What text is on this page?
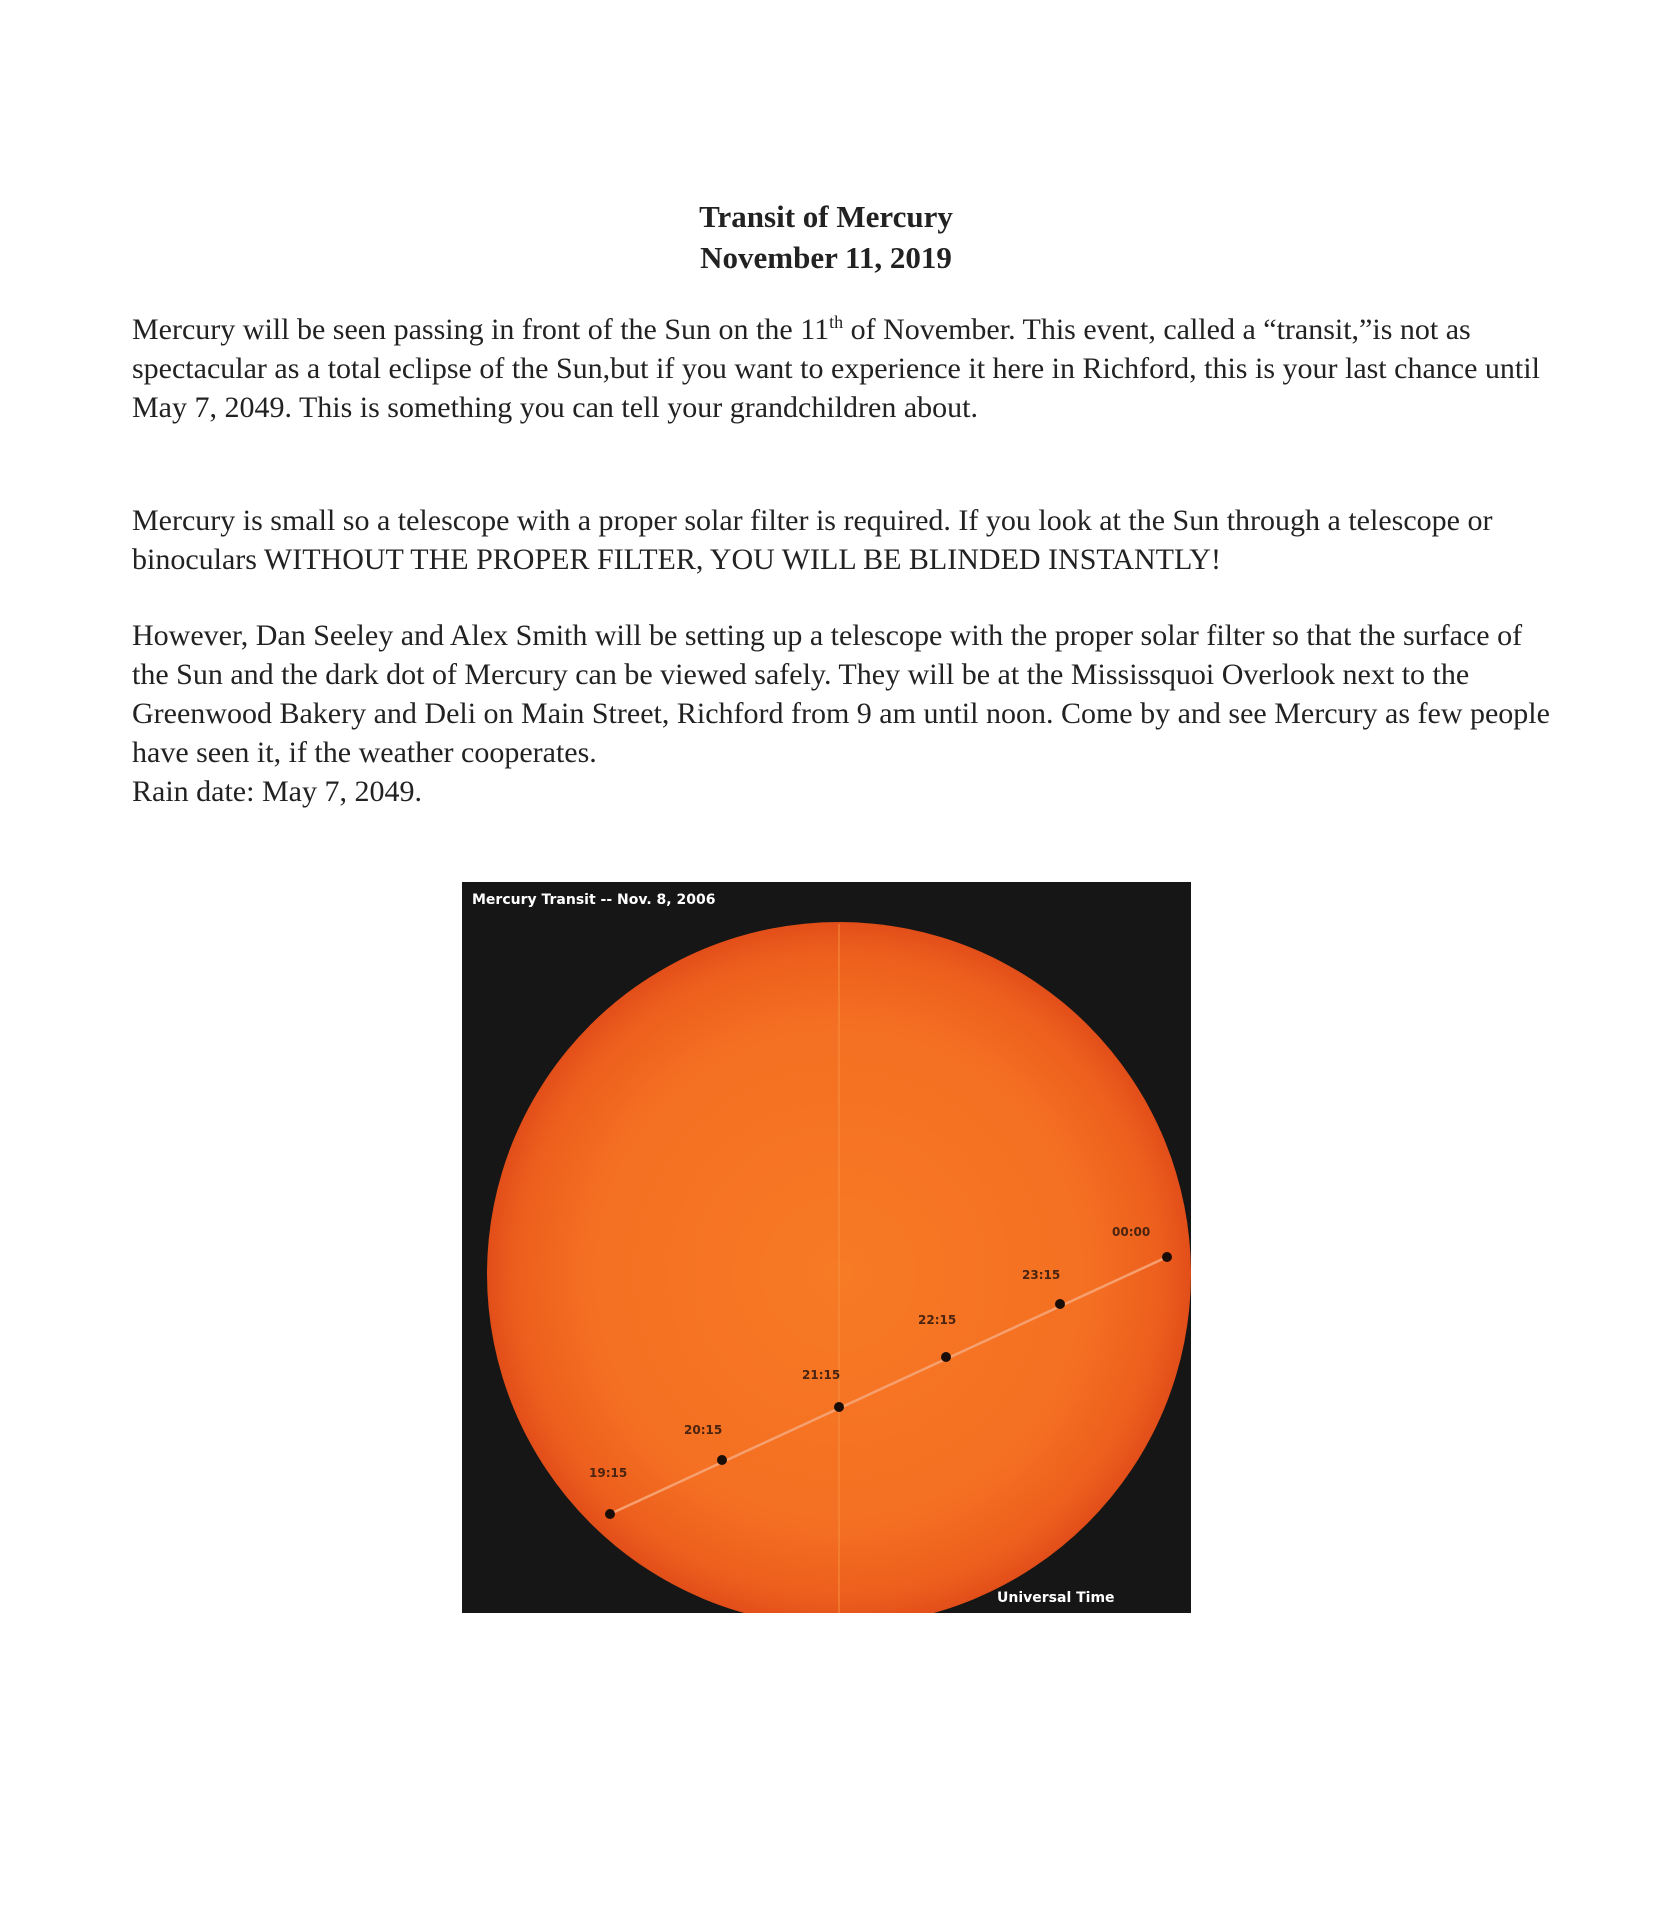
Transit of Mercury
November 11, 2019

Mercury will be seen passing in front of the Sun on the 11th of November. This event, called a “transit,”is not as spectacular as a total eclipse of the Sun,but if you want to experience it here in Richford, this is your last chance until May 7, 2049. This is something you can tell your grandchildren about.

Mercury is small so a telescope with a proper solar filter is required. If you look at the Sun through a telescope or binoculars WITHOUT THE PROPER FILTER, YOU WILL BE BLINDED INSTANTLY!

However, Dan Seeley and Alex Smith will be setting up a telescope with the proper solar filter so that the surface of the Sun and the dark dot of Mercury can be viewed safely. They will be at the Mississquoi Overlook next to the Greenwood Bakery and Deli on Main Street, Richford from 9 am until noon. Come by and see Mercury as few people have seen it, if the weather cooperates.

Rain date: May 7, 2049.

19:15
20:15
21:15
22:15
23:15
00:00
Mercury Transit -- Nov. 8, 2006
Universal Time
